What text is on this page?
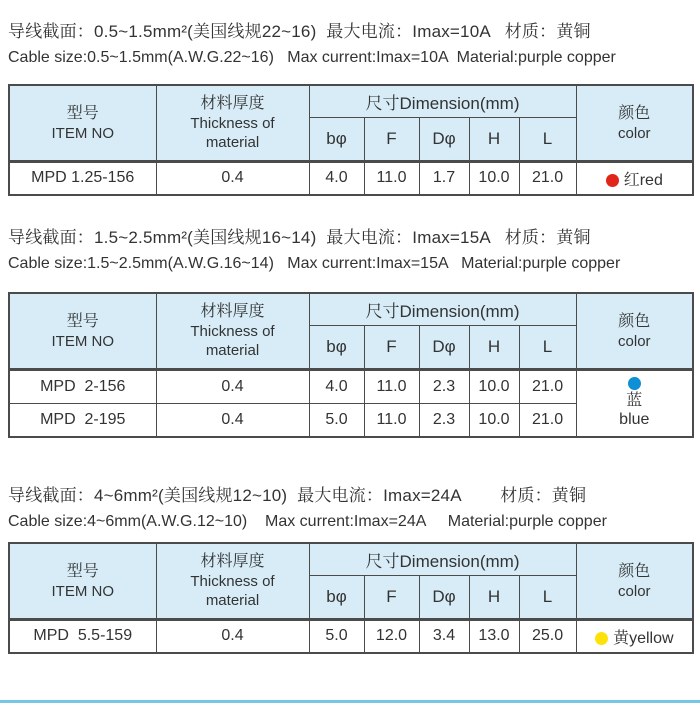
导线截面：0.5~1.5mm²(美国线规22~16)  最大电流：Imax=10A   材质：黄铜
Cable size:0.5~1.5mm(A.W.G.22~16)   Max current:Imax=10A  Material:purple copper
型号
ITEM NO

材料厚度
Thickness of
material
	尺寸Dimension(mm)	
颜色
color

		bφ	F	Dφ	H	L	
MPD 1.25-156	0.4	4.0	11.0	1.7	10.0	21.0	红red
导线截面：1.5~2.5mm²(美国线规16~14)  最大电流：Imax=15A   材质：黄铜
Cable size:1.5~2.5mm(A.W.G.16~14)   Max current:Imax=15A   Material:purple copper
型号
ITEM NO

材料厚度
Thickness of
material
	尺寸Dimension(mm)	
颜色
color

		bφ	F	Dφ	H	L	
MPD  2-156	0.4	4.0	11.0	2.3	10.0	21.0	蓝
blue

MPD  2-195	0.4	5.0	11.0	2.3	10.0	21.0	
导线截面：4~6mm²(美国线规12~10)  最大电流：Imax=24A        材质：黄铜
Cable size:4~6mm(A.W.G.12~10)    Max current:Imax=24A     Material:purple copper
型号
ITEM NO

材料厚度
Thickness of
material
	尺寸Dimension(mm)	
颜色
color

		bφ	F	Dφ	H	L	
MPD  5.5-159	0.4	5.0	12.0	3.4	13.0	25.0	黄yellow
